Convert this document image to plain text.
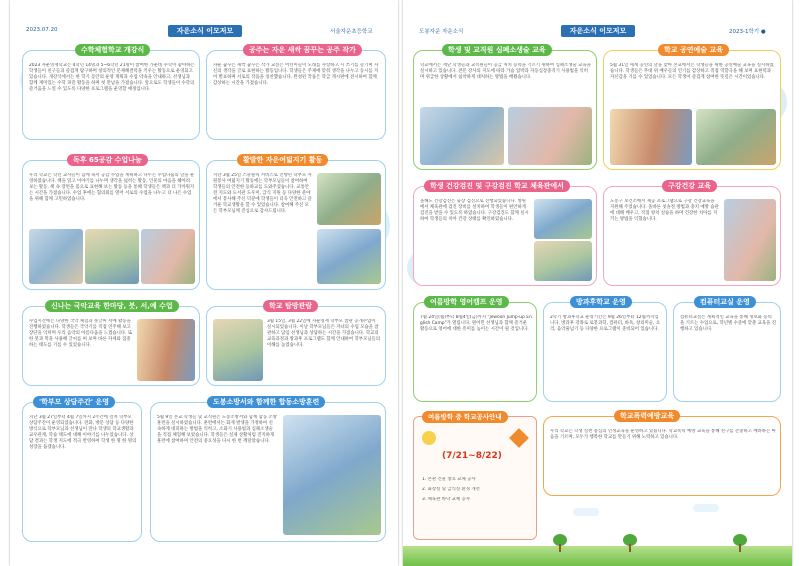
2023.07.20	자운소식 이모저모	서울자운초등학교
수학체험학교 개강식
2023 자운영재학교는 4학년 14명과 5~6학년 21명이 참여한 가운데 수학이 좋아하는 학생들이 친구들과 즐겁게 탐구하며 창의적인 문제해결력을 키우는 활동으로 운영되고 있습니다. 개강식에서는 한 학기 동안의 운영 계획과 수업 약속을 안내하고, 선생님과 함께 재미있는 수학 퍼즐 활동을 하며 첫 만남을 가졌습니다. 앞으로도 학생들이 수학의 즐거움을 느낄 수 있도록 다양한 프로그램을 운영할 예정입니다.
공주는 자운 새싹 꿈꾸는 공주 작가
자운 꿈꾸는 새싹 꿈꾸는 작가 교실은 어린이들이 노래를 사랑하고 시 쓰기를 즐기며 자신의 생각을 글로 표현하는 활동입니다. 학생들은 주제에 맞춰 생각을 나누고 동시를 지어 발표하며 서로의 작품을 칭찬했습니다. 완성된 작품은 학급 게시판에 전시하여 함께 감상하는 시간을 가졌습니다.
독후 65공감 수업나눔
우리 학교는 학년 교사들이 함께 독서 공감 수업을 계획하고 나누는 수업나눔의 날을 운영하였습니다. 책을 읽고 이야기를 나누며 생각을 넓히는 활동, 인물의 마음을 헤아려 보는 활동, 책 속 장면을 몸으로 표현해 보는 활동 등을 통해 학생들은 책과 더 가까워지는 시간을 가졌습니다. 수업 후에는 협의회를 열어 서로의 수업을 나누고 더 나은 수업을 위해 함께 고민하였습니다.
활발한 자운여덟지기 활동
지난 3월 25일 스쿨클릭 서비스로 진행된 학부모 자원봉사 여덟지기 활동에는 학부모님들이 참여하여 학생들의 안전한 등하교를 도와주셨습니다. 교통안전 지도와 도서관 도우미, 급식 지원 등 다양한 분야에서 봉사해 주신 덕분에 학생들이 더욱 안전하고 즐거운 학교생활을 할 수 있었습니다. 참여해 주신 모든 학부모님께 진심으로 감사드립니다.
신나는 국악교육 한마당, 붓, 서,예 수업
수업시간에는 다양한 국악 체험과 붓글씨 서예 활동을 진행하였습니다. 학생들은 국악기를 직접 연주해 보고 장단을 익히며 우리 음악의 아름다움을 느꼈습니다. 또한 붓과 먹을 사용해 글씨를 써 보며 바른 자세와 집중하는 태도를 기를 수 있었습니다.
학교 탐방관람
3월 15일, 3월 22일에 자운영재 학부모 참관 공개수업이 실시되었습니다. 이날 학부모님들은 자녀의 수업 모습을 참관하고 담임 선생님과 상담하는 시간을 가졌습니다. 학교의 교육과정과 방과후 프로그램도 함께 안내하여 학부모님들의 이해를 높였습니다.
'학부모 상담주간' 운영
지난 3월 27일부터 4월 7일까지 2주간에 걸쳐 학부모 상담주간이 운영되었습니다. 전화, 방문 상담 등 다양한 방식으로 학부모님과 선생님이 만나 학생의 학교생활과 교우관계, 학습 태도에 대해 이야기를 나누었습니다. 상담 결과는 학생 지도에 적극 반영하여 학생 한 명 한 명의 성장을 돕겠습니다.
도봉소방서와 함께한 합동소방훈련
5월 9일 본교 학생들 및 교직원은 도봉소방서와 함께 합동 소방훈련을 실시하였습니다. 훈련에서는 화재 발생을 가정하여 신속하게 대피하는 방법을 익히고, 소화기 사용법과 심폐소생술을 직접 체험해 보았습니다. 학생들은 실제 상황처럼 진지하게 훈련에 참여하며 안전의 중요성을 다시 한 번 깨달았습니다.
도봉자운 자운소식	자운소식 이모저모	2023-1학기 ●
학생 및 교직원 심폐소생술 교육
학교에서는 재난 학생들과 교직원들이 응급 처치 능력을 기르기 위하여 심폐소생술 교육을 실시하고 있습니다. 전문 강사의 지도에 따라 가슴 압박과 자동심장충격기 사용법을 익히며 위급한 상황에서 침착하게 대처하는 방법을 배웠습니다.
학교 공연예술 교육
5월 31일 세계 공연의 날을 맞아 본교에서는 학생들을 위한 공연예술 교육을 실시하였습니다. 학생들은 무대 위 배우들의 연기를 감상하고 직접 역할극을 해 보며 표현력과 자신감을 기를 수 있었습니다. 모든 학생이 즐겁게 참여한 뜻깊은 시간이었습니다.
학생 건강검진 및 구강검진 학교 체육관에서
올해도 건강검진은 출장 검진으로 진행되었습니다. 병원에서 체육관에 검진 장비를 설치하여 학생들이 편안하게 검진을 받을 수 있도록 하였습니다. 구강검진도 함께 실시하여 학생들의 치아 건강 상태를 확인하였습니다.
구강건강 교육
도봉구 보건소에서 제공 프로그램으로 구강 건강교육을 지원해 주었습니다. 올바른 칫솔질 방법과 충치 예방 습관에 대해 배우고, 직접 양치 실습을 하며 건강한 치아를 지키는 방법을 익혔습니다.
여름방학 영어캠프 운영
7월 24일(월)부터 8월4일(금)까지 "Jewoon Jump-up English Camp"가 열립니다. 원어민 선생님과 함께 즐거운 활동으로 영어에 대한 흥미를 높이는 시간이 될 것입니다.
방과후학교 운영
2학기 방과후학교 운영기간은 9월 26일부터 12월까지입니다. 방과후 강좌로 로봇과학, 컴퓨터, 바둑, 창의미술, 요리, 음악줄넘기 등 다양한 프로그램이 준비되어 있습니다.
컴퓨터교실 운영
컴퓨터교실은 계획적인 교육을 통해 정보화 능력을 기르는 수업으로, 학년별 수준에 맞춘 교육을 진행하고 있습니다.
여름방학 중 학교공사안내
(7/21~8/22)
1. 본관 건물 창호 교체 공사
2. 화장실 및 급식실 환경 개선
3. 체육관 바닥 교체 공사
학교폭력예방교육
우리 학교는 학생 실천 중심의 인성교육을 운영하고 있습니다. 학교폭력 예방 교육을 통해 친구를 존중하고 배려하는 마음을 기르며, 모두가 행복한 학교를 만들기 위해 노력하고 있습니다.
